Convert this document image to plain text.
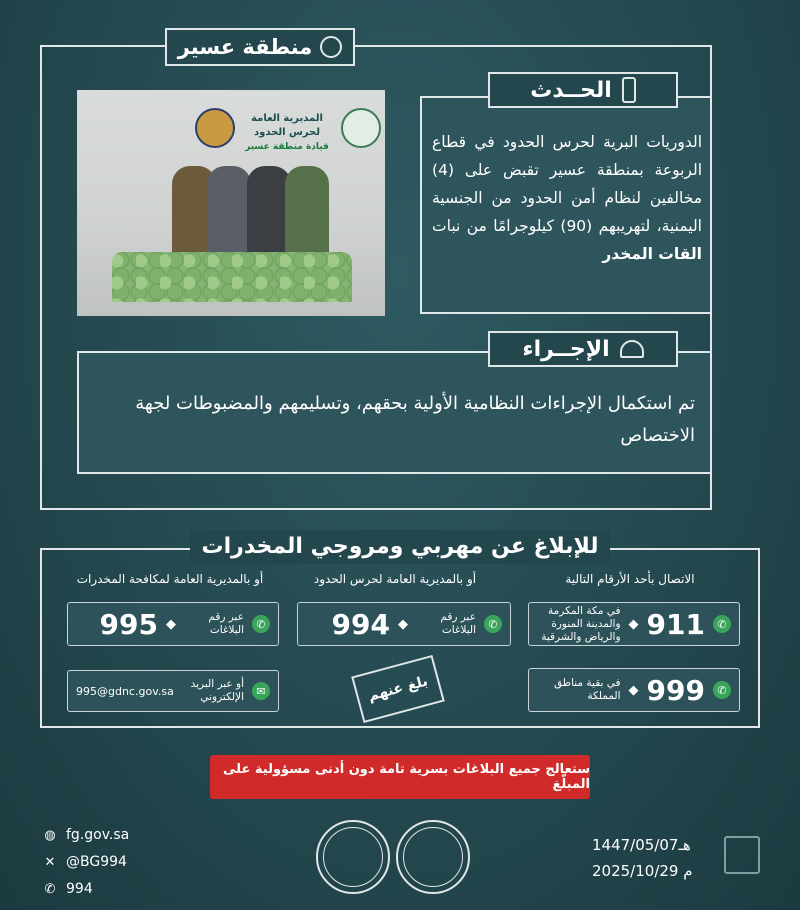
منطقة عسير
المديرية العامة لحرس الحدود
قيادة منطقة عسير
الحــدث
الدوريات البرية لحرس الحدود في قطاع الربوعة بمنطقة عسير تقبض على (4) مخالفين لنظام أمن الحدود من الجنسية اليمنية، لتهريبهم (90) كيلوجرامًا من نبات القات المخدر
الإجــراء
تم استكمال الإجراءات النظامية الأولية بحقهم، وتسليمهم والمضبوطات لجهة الاختصاص
للإبلاغ عن مهربي ومروجي المخدرات
الاتصال بأحد الأرقام التالية
أو بالمديرية العامة لحرس الحدود
أو بالمديرية العامة لمكافحة المخدرات
✆
911
◆
في مكة المكرمة والمدينة المنورة والرياض والشرقية
✆
999
◆
في بقية مناطق المملكة
✆
عبر رقم البلاغات
◆
994
✆
عبر رقم البلاغات
◆
995
✉
أو عبر البريد الإلكتروني
995@gdnc.gov.sa	بلغ عنهم
ستعالج جميع البلاغات بسرية تامة دون أدنى مسؤولية على المبلّغ
◍ fg.gov.sa
✕ @BG994
✆ 994
1447/05/07هـ
2025/10/29 م
